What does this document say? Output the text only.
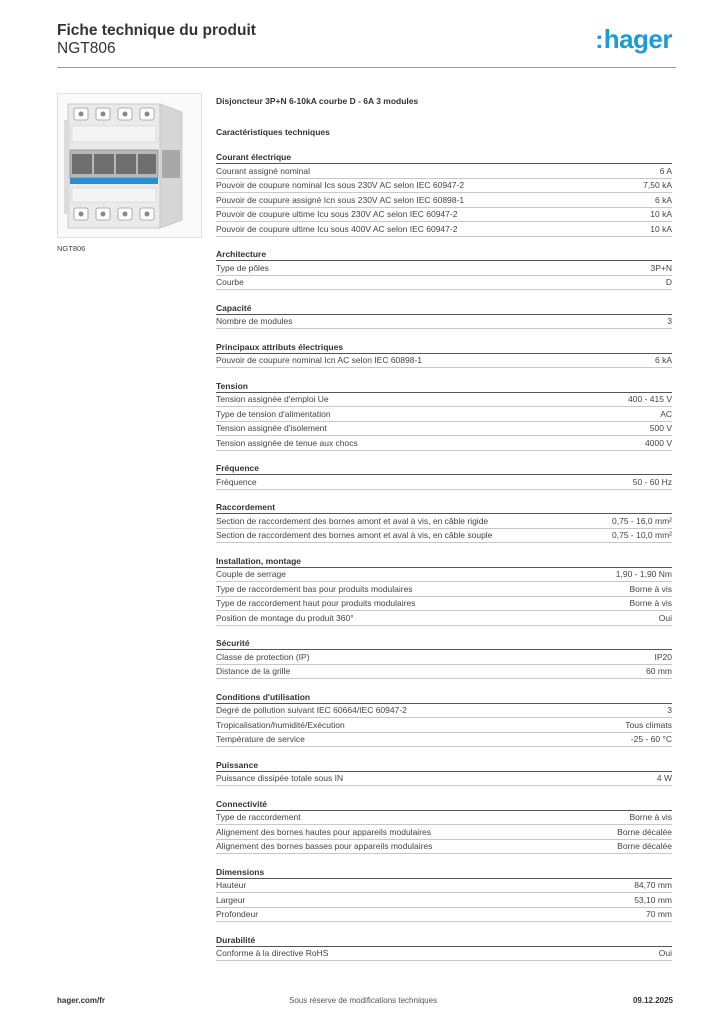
Fiche technique du produit
NGT806	:hager
NGT806
Disjoncteur 3P+N 6-10kA courbe D - 6A 3 modules
Caractéristiques techniques
Courant électrique
Courant assigné nominal	6 A
Pouvoir de coupure nominal Ics sous 230V AC selon IEC 60947-2	7,50 kA
Pouvoir de coupure assigné Icn sous 230V AC selon IEC 60898-1	6 kA
Pouvoir de coupure ultime Icu sous 230V AC selon IEC 60947-2	10 kA
Pouvoir de coupure ultime Icu sous 400V AC selon IEC 60947-2	10 kA
Architecture
Type de pôles	3P+N
Courbe	D
Capacité
Nombre de modules	3
Principaux attributs électriques
Pouvoir de coupure nominal Icn AC selon IEC 60898-1	6 kA
Tension
Tension assignée d'emploi Ue	400 - 415 V
Type de tension d'alimentation	AC
Tension assignée d'isolement	500 V
Tension assignée de tenue aux chocs	4000 V
Fréquence
Fréquence	50 - 60 Hz
Raccordement
Section de raccordement des bornes amont et aval à vis, en câble rigide	0,75 - 16,0 mm²
Section de raccordement des bornes amont et aval à vis, en câble souple	0,75 - 10,0 mm²
Installation, montage
Couple de serrage	1,90 - 1,90 Nm
Type de raccordement bas pour produits modulaires	Borne à vis
Type de raccordement haut pour produits modulaires	Borne à vis
Position de montage du produit 360°	Oui
Sécurité
Classe de protection (IP)	IP20
Distance de la grille	60 mm
Conditions d'utilisation
Degré de pollution suivant IEC 60664/IEC 60947-2	3
Tropicalisation/humidité/Exécution	Tous climats
Température de service	-25 - 60 °C
Puissance
Puissance dissipée totale sous IN	4 W
Connectivité
Type de raccordement	Borne à vis
Alignement des bornes hautes pour appareils modulaires	Borne décalée
Alignement des bornes basses pour appareils modulaires	Borne décalée
Dimensions
Hauteur	84,70 mm
Largeur	53,10 mm
Profondeur	70 mm
Durabilité
Conforme à la directive RoHS	Oui
hager.com/fr	Sous réserve de modifications techniques	09.12.2025
